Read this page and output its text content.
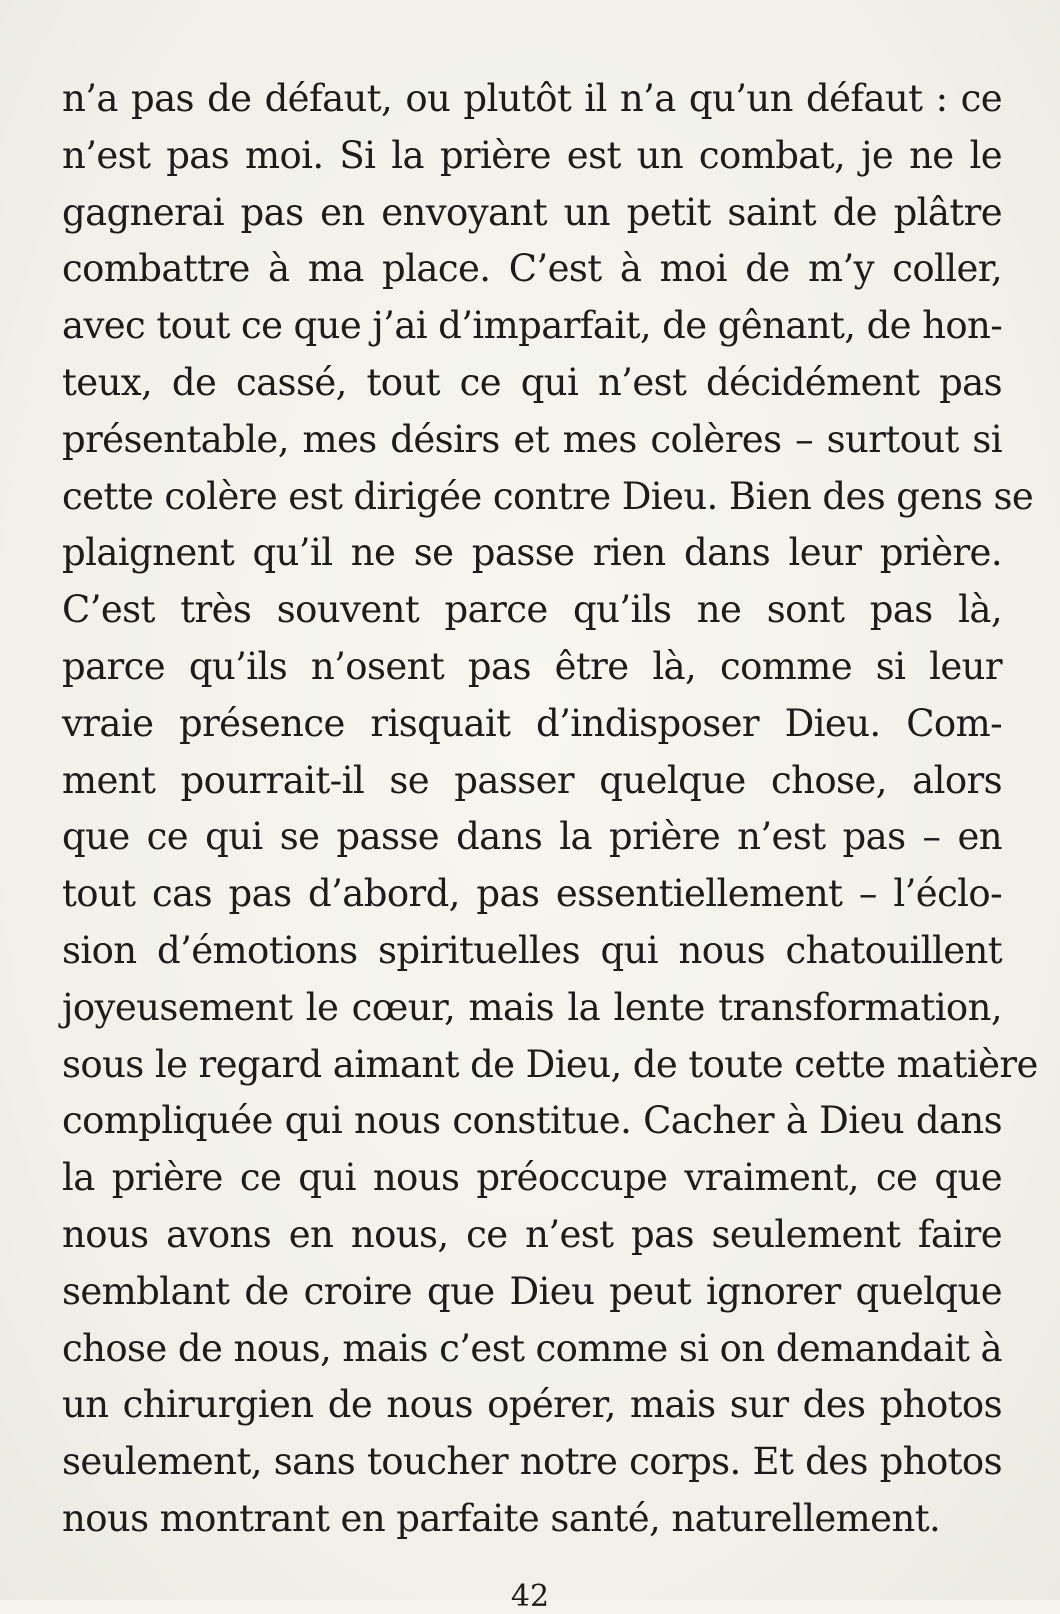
n’a pas de défaut, ou plutôt il n’a qu’un défaut : ce
n’est pas moi. Si la prière est un combat, je ne le
gagnerai pas en envoyant un petit saint de plâtre
combattre à ma place. C’est à moi de m’y coller,
avec tout ce que j’ai d’imparfait, de gênant, de hon-
teux, de cassé, tout ce qui n’est décidément pas
présentable, mes désirs et mes colères – surtout si
cette colère est dirigée contre Dieu. Bien des gens se
plaignent qu’il ne se passe rien dans leur prière.
C’est très souvent parce qu’ils ne sont pas là,
parce qu’ils n’osent pas être là, comme si leur
vraie présence risquait d’indisposer Dieu. Com-
ment pourrait-il se passer quelque chose, alors
que ce qui se passe dans la prière n’est pas – en
tout cas pas d’abord, pas essentiellement – l’éclo-
sion d’émotions spirituelles qui nous chatouillent
joyeusement le cœur, mais la lente transformation,
sous le regard aimant de Dieu, de toute cette matière
compliquée qui nous constitue. Cacher à Dieu dans
la prière ce qui nous préoccupe vraiment, ce que
nous avons en nous, ce n’est pas seulement faire
semblant de croire que Dieu peut ignorer quelque
chose de nous, mais c’est comme si on demandait à
un chirurgien de nous opérer, mais sur des photos
seulement, sans toucher notre corps. Et des photos
nous montrant en parfaite santé, naturellement.
42
